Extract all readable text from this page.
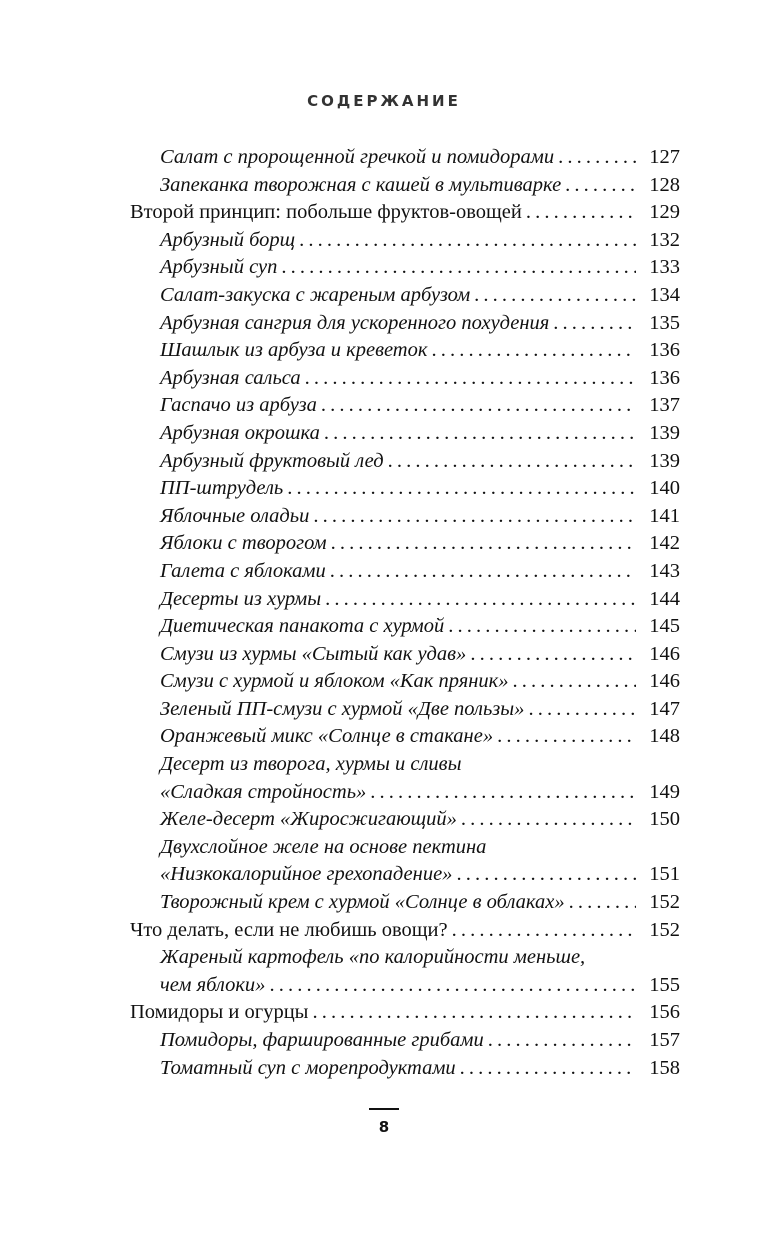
СОДЕРЖАНИЕ
Салат с пророщенной гречкой и помидорами . . .	127
Запеканка творожная с кашей в мультиварке . . .	128
Второй принцип: побольше фруктов-овощей . . .	129
Арбузный борщ . . .	132
Арбузный суп . . .	133
Салат-закуска с жареным арбузом . . .	134
Арбузная сангрия для ускоренного похудения . . .	135
Шашлык из арбуза и креветок . . .	136
Арбузная сальса . . .	136
Гаспачо из арбуза . . .	137
Арбузная окрошка . . .	139
Арбузный фруктовый лед . . .	139
ПП-штрудель . . .	140
Яблочные оладьи . . .	141
Яблоки с творогом . . .	142
Галета с яблоками . . .	143
Десерты из хурмы . . .	144
Диетическая панакота с хурмой . . .	145
Смузи из хурмы «Сытый как удав» . . .	146
Смузи с хурмой и яблоком «Как пряник» . . .	146
Зеленый ПП-смузи с хурмой «Две пользы» . . .	147
Оранжевый микс «Солнце в стакане» . . .	148
Десерт из творога, хурмы и сливы
«Сладкая стройность» . . .	149
Желе-десерт «Жиросжигающий» . . .	150
Двухслойное желе на основе пектина
«Низкокалорийное грехопадение» . . .	151
Творожный крем с хурмой «Солнце в облаках» . . .	152
Что делать, если не любишь овощи? . . .	152
Жареный картофель «по калорийности меньше,
чем яблоки» . . .	155
Помидоры и огурцы . . .	156
Помидоры, фаршированные грибами . . .	157
Томатный суп с морепродуктами . . .	158
8
